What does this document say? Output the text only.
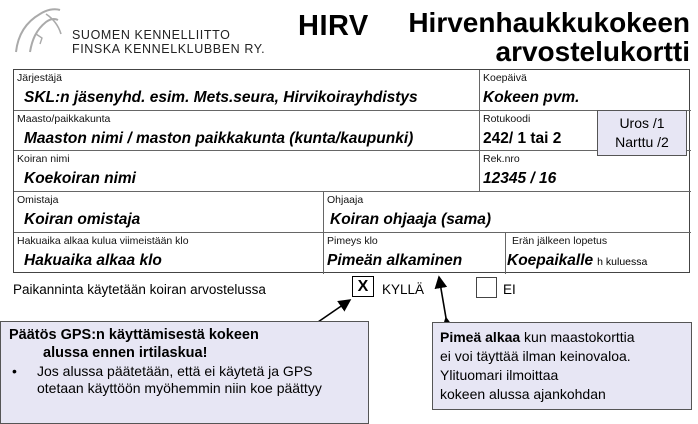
SUOMEN KENNELLIITTO
FINSKA KENNELKLUBBEN RY.
HIRV Hirvenhaukkukokeen
arvostelukortti
Järjestäjä
SKL:n jäsenyhd. esim. Mets.seura, Hirvikoirayhdistys
Koepäivä
Kokeen pvm.
Maasto/paikkakunta
Maaston nimi / maston paikkakunta (kunta/kaupunki)
Rotukoodi
242/ 1 tai 2
Koiran nimi
Koekoiran nimi
Rek.nro
12345 / 16
Omistaja
Koiran omistaja
Ohjaaja
Koiran ohjaaja (sama)
Hakuaika alkaa kulua viimeistään klo
Hakuaika alkaa klo
Pimeys klo
Pimeän alkaminen
Erän jälkeen lopetus
Koepaikalle h kuluessa
Uros /1
Narttu /2
Paikanninta käytetään koiran arvostelussa	X	KYLLÄ	EI
Päätös GPS:n käyttämisestä kokeen
alussa ennen irtilaskua!
• Jos alussa päätetään, että ei käytetä ja GPS otetaan käyttöön myöhemmin niin koe päättyy
Pimeä alkaa kun maastokorttia
ei voi täyttää ilman keinovaloa.
Ylituomari ilmoittaa
kokeen alussa ajankohdan
